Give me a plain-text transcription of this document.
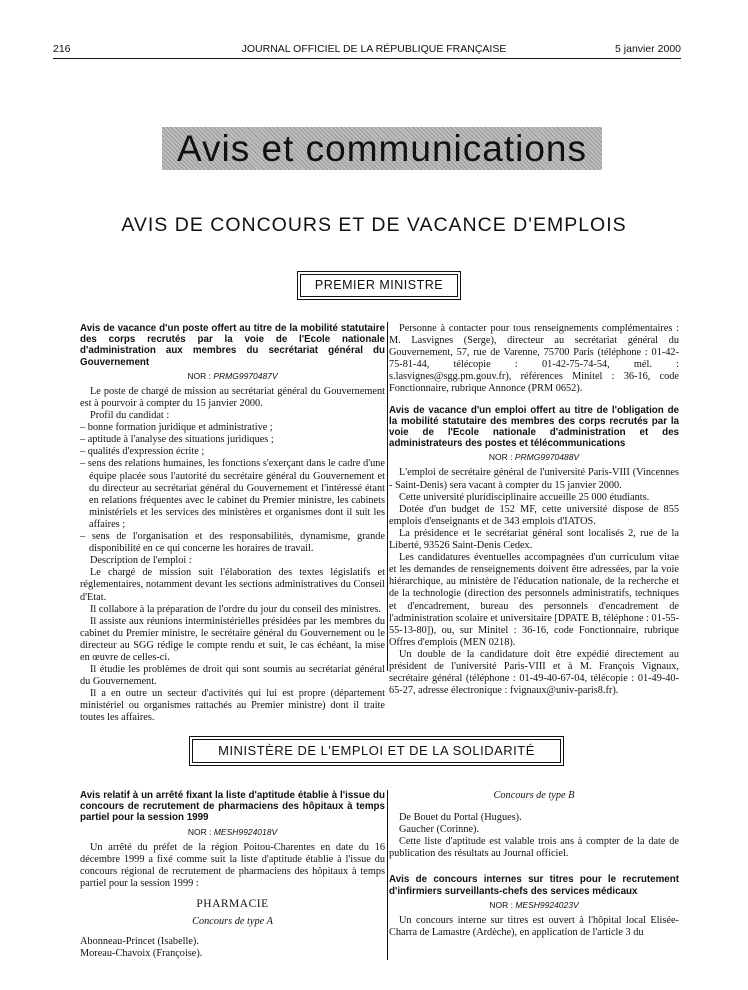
216	JOURNAL OFFICIEL DE LA RÉPUBLIQUE FRANÇAISE	5 janvier 2000
Avis et communications
AVIS DE CONCOURS ET DE VACANCE D'EMPLOIS
PREMIER MINISTRE
Avis de vacance d'un poste offert au titre de la mobilité statutaire des corps recrutés par la voie de l'Ecole nationale d'administration aux membres du secrétariat général du Gouvernement
NOR : PRMG9970487V

Le poste de chargé de mission au secrétariat général du Gouvernement est à pourvoir à compter du 15 janvier 2000.

Profil du candidat :

– bonne formation juridique et administrative ;

– aptitude à l'analyse des situations juridiques ;

– qualités d'expression écrite ;

– sens des relations humaines, les fonctions s'exerçant dans le cadre d'une équipe placée sous l'autorité du secrétaire général du Gouvernement et du directeur au secrétariat général du Gouvernement et l'intéressé étant en relations fréquentes avec le cabinet du Premier ministre, les cabinets ministériels et les services des ministères et organismes dont il suit les affaires ;

– sens de l'organisation et des responsabilités, dynamisme, grande disponibilité en ce qui concerne les horaires de travail.

Description de l'emploi :

Le chargé de mission suit l'élaboration des textes législatifs et réglementaires, notamment devant les sections administratives du Conseil d'Etat.

Il collabore à la préparation de l'ordre du jour du conseil des ministres.

Il assiste aux réunions interministérielles présidées par les membres du cabinet du Premier ministre, le secrétaire général du Gouvernement ou le directeur au SGG rédige le compte rendu et suit, le cas échéant, la mise en œuvre de celles-ci.

Il étudie les problèmes de droit qui sont soumis au secrétariat général du Gouvernement.

Il a en outre un secteur d'activités qui lui est propre (département ministériel ou organismes rattachés au Premier ministre) dont il traite toutes les affaires.

Personne à contacter pour tous renseignements complémentaires : M. Lasvignes (Serge), directeur au secrétariat général du Gouvernement, 57, rue de Varenne, 75700 Paris (téléphone : 01-42-75-81-44, télécopie : 01-42-75-74-54, mél. : s.lasvignes@sgg.pm.gouv.fr), références Minitel : 36-16, code Fonctionnaire, rubrique Annonce (PRM 0652).

Avis de vacance d'un emploi offert au titre de l'obligation de la mobilité statutaire des membres des corps recrutés par la voie de l'Ecole nationale d'administration et des administrateurs des postes et télécommunications
NOR : PRMG9970488V

L'emploi de secrétaire général de l'université Paris-VIII (Vincennes - Saint-Denis) sera vacant à compter du 15 janvier 2000.

Cette université pluridisciplinaire accueille 25 000 étudiants.

Dotée d'un budget de 152 MF, cette université dispose de 855 emplois d'enseignants et de 343 emplois d'IATOS.

La présidence et le secrétariat général sont localisés 2, rue de la Liberté, 93526 Saint-Denis Cedex.

Les candidatures éventuelles accompagnées d'un curriculum vitae et les demandes de renseignements doivent être adressées, par la voie hiérarchique, au ministère de l'éducation nationale, de la recherche et de la technologie (direction des personnels administratifs, techniques et d'encadrement, bureau des personnels d'encadrement de l'administration scolaire et universitaire [DPATE B, téléphone : 01-55-55-13-80]), ou, sur Minitel : 36-16, code Fonctionnaire, rubrique Offres d'emplois (MEN 0218).

Un double de la candidature doit être expédié directement au président de l'université Paris-VIII et à M. François Vignaux, secrétaire général (téléphone : 01-49-40-67-04, télécopie : 01-49-40-65-27, adresse électronique : fvignaux@univ-paris8.fr).

MINISTÈRE DE L'EMPLOI ET DE LA SOLIDARITÉ
Avis relatif à un arrêté fixant la liste d'aptitude établie à l'issue du concours de recrutement de pharmaciens des hôpitaux à temps partiel pour la session 1999
NOR : MESH9924018V

Un arrêté du préfet de la région Poitou-Charentes en date du 16 décembre 1999 a fixé comme suit la liste d'aptitude établie à l'issue du concours régional de recrutement de pharmaciens des hôpitaux à temps partiel pour la session 1999 :

PHARMACIE

Concours de type A

Abonneau-Princet (Isabelle).

Moreau-Chavoix (Françoise).

Concours de type B

De Bouet du Portal (Hugues).

Gaucher (Corinne).

Cette liste d'aptitude est valable trois ans à compter de la date de publication des résultats au Journal officiel.

Avis de concours internes sur titres pour le recrutement d'infirmiers surveillants-chefs des services médicaux
NOR : MESH9924023V

Un concours interne sur titres est ouvert à l'hôpital local Elisée-Charra de Lamastre (Ardèche), en application de l'article 3 du
